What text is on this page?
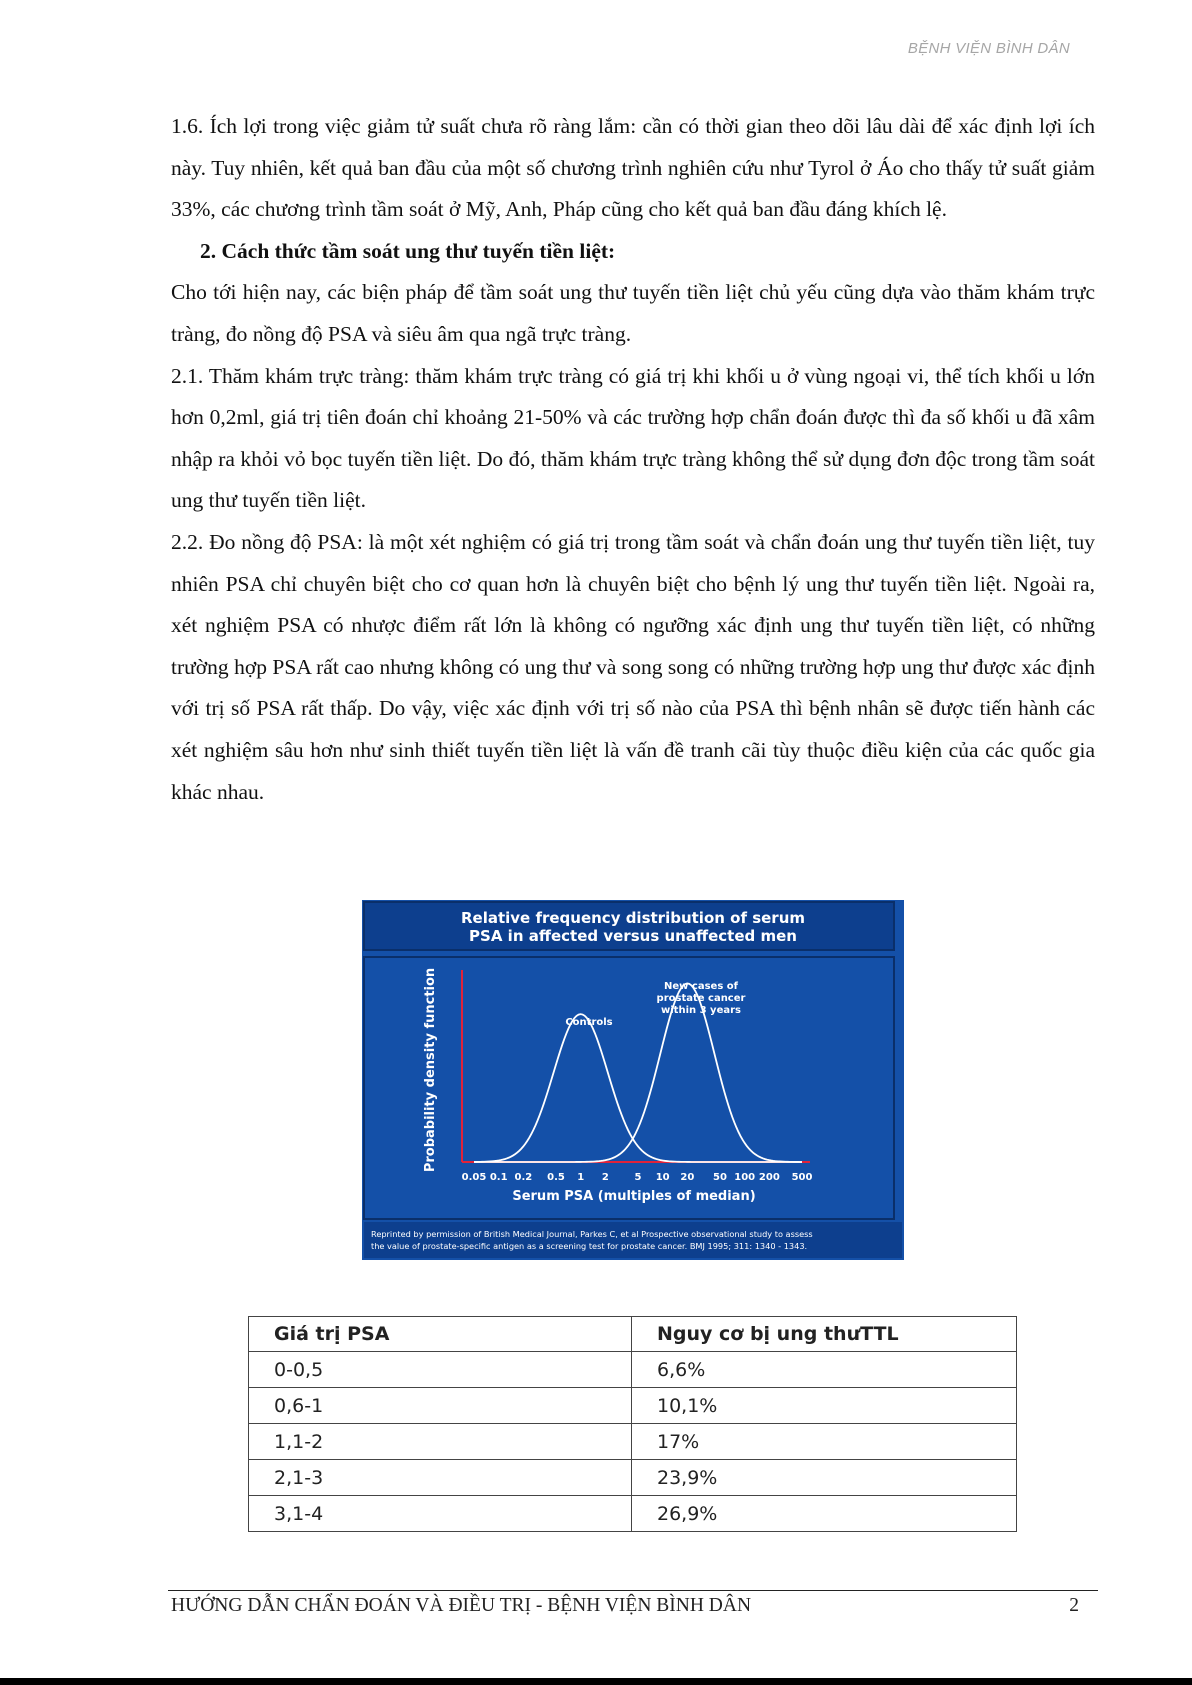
BỆNH VIỆN BÌNH DÂN

1.6. Ích lợi trong việc giảm tử suất chưa rõ ràng lắm: cần có thời gian theo dõi lâu dài để xác định lợi ích này. Tuy nhiên, kết quả ban đầu của một số chương trình nghiên cứu như Tyrol ở Áo cho thấy tử suất giảm 33%, các chương trình tầm soát ở Mỹ, Anh, Pháp cũng cho kết quả ban đầu đáng khích lệ.

2. Cách thức tầm soát ung thư tuyến tiền liệt:

Cho tới hiện nay, các biện pháp để tầm soát ung thư tuyến tiền liệt chủ yếu cũng dựa vào thăm khám trực tràng, đo nồng độ PSA và siêu âm qua ngã trực tràng.

2.1. Thăm khám trực tràng: thăm khám trực tràng có giá trị khi khối u ở vùng ngoại vi, thể tích khối u lớn hơn 0,2ml, giá trị tiên đoán chỉ khoảng 21-50% và các trường hợp chẩn đoán được thì đa số khối u đã xâm nhập ra khỏi vỏ bọc tuyến tiền liệt. Do đó, thăm khám trực tràng không thể sử dụng đơn độc trong tầm soát ung thư tuyến tiền liệt.

2.2. Đo nồng độ PSA: là một xét nghiệm có giá trị trong tầm soát và chẩn đoán ung thư tuyến tiền liệt, tuy nhiên PSA chỉ chuyên biệt cho cơ quan hơn là chuyên biệt cho bệnh lý ung thư tuyến tiền liệt. Ngoài ra, xét nghiệm PSA có nhược điểm rất lớn là không có ngưỡng xác định ung thư tuyến tiền liệt, có những trường hợp PSA rất cao nhưng không có ung thư và song song có những trường hợp ung thư được xác định với trị số PSA rất thấp. Do vậy, việc xác định với trị số nào của PSA thì bệnh nhân sẽ được tiến hành các xét nghiệm sâu hơn như sinh thiết tuyến tiền liệt là vấn đề tranh cãi tùy thuộc điều kiện của các quốc gia khác nhau.

Relative frequency distribution of serum
PSA in affected versus unaffected men
Probability density function
0.05 0.1 0.2 0.5 1 2	5 10 20 50 100 200 500
Controls
New cases of
prostate cancer
within 3 years
Serum PSA (multiples of median)
Reprinted by permission of British Medical Journal, Parkes C, et al Prospective observational study to assess
the value of prostate-specific antigen as a screening test for prostate cancer. BMJ 1995; 311: 1340 - 1343.
Giá trị PSA	Nguy cơ bị ung thưTTL
0-0,5	6,6%
0,6-1	10,1%
1,1-2	17%
2,1-3	23,9%
3,1-4	26,9%
HƯỚNG DẪN CHẨN ĐOÁN VÀ ĐIỀU TRỊ - BỆNH VIỆN BÌNH DÂN	2
